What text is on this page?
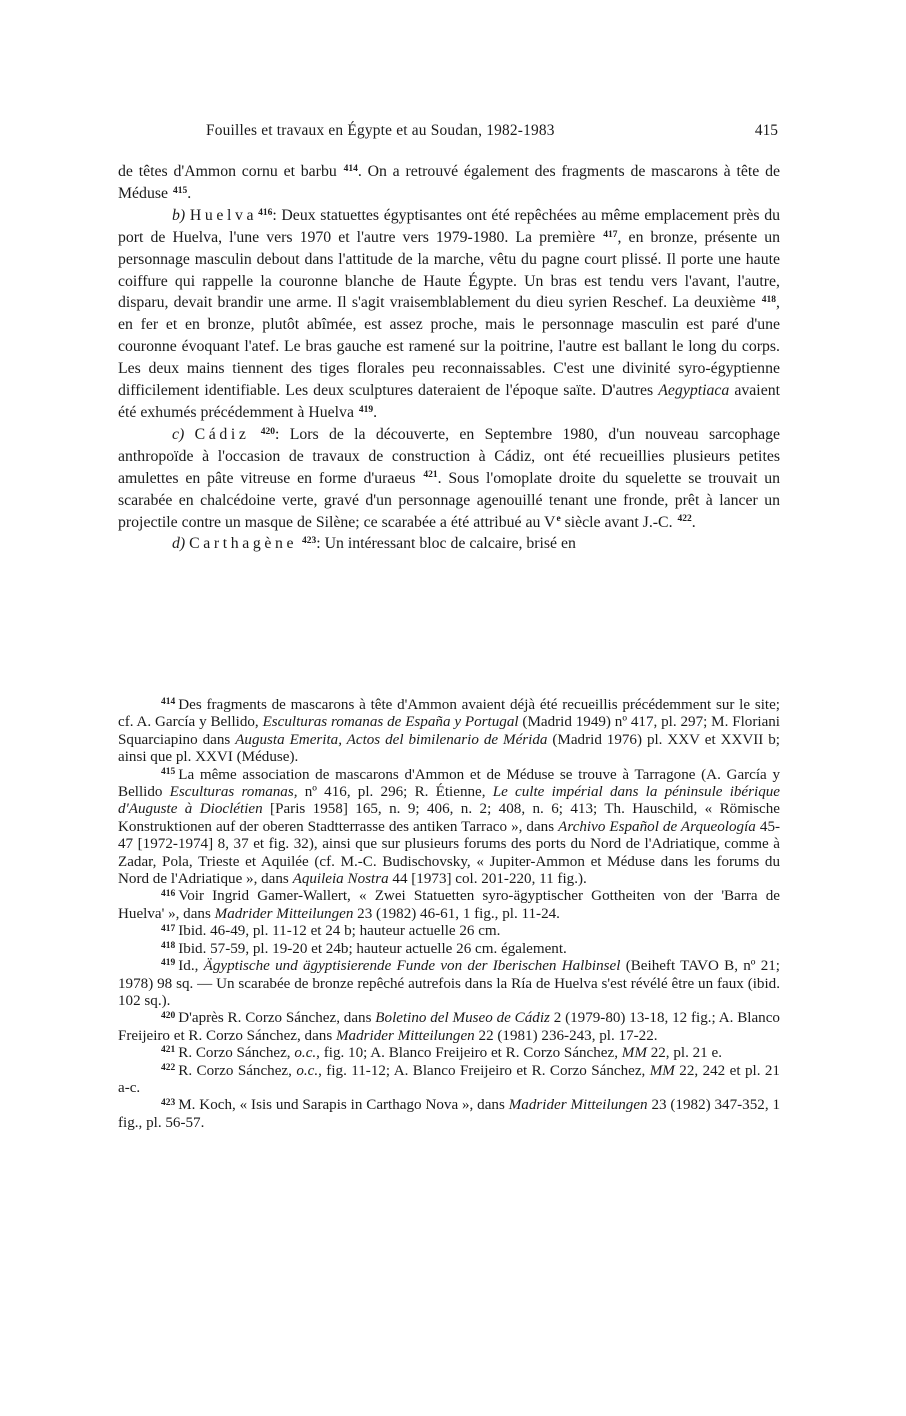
Fouilles et travaux en Égypte et au Soudan, 1982-1983	415

de têtes d'Ammon cornu et barbu $^{414}$. On a retrouvé également des fragments de mascarons à tête de Méduse $^{415}$.

b) Huelva$^{416}$: Deux statuettes égyptisantes ont été repêchées au même emplacement près du port de Huelva, l'une vers 1970 et l'autre vers 1979-1980. La première $^{417}$, en bronze, présente un personnage masculin debout dans l'attitude de la marche, vêtu du pagne court plissé. Il porte une haute coiffure qui rappelle la couronne blanche de Haute Égypte. Un bras est tendu vers l'avant, l'autre, disparu, devait brandir une arme. Il s'agit vraisemblablement du dieu syrien Reschef. La deuxième $^{418}$, en fer et en bronze, plutôt abîmée, est assez proche, mais le personnage masculin est paré d'une couronne évoquant l'atef. Le bras gauche est ramené sur la poitrine, l'autre est ballant le long du corps. Les deux mains tiennent des tiges florales peu reconnaissables. C'est une divinité syro-égyptienne difficilement identifiable. Les deux sculptures dateraient de l'époque saïte. D'autres Aegyptiaca avaient été exhumés précédemment à Huelva $^{419}$.

c) Cádiz $^{420}$: Lors de la découverte, en Septembre 1980, d'un nouveau sarcophage anthropoïde à l'occasion de travaux de construction à Cádiz, ont été recueillies plusieurs petites amulettes en pâte vitreuse en forme d'uraeus $^{421}$. Sous l'omoplate droite du squelette se trouvait un scarabée en chalcédoine verte, gravé d'un personnage agenouillé tenant une fronde, prêt à lancer un projectile contre un masque de Silène; ce scarabée a été attribué au Ve siècle avant J.-C. $^{422}$.

d) Carthagène $^{423}$: Un intéressant bloc de calcaire, brisé en

$^{414}$ Des fragments de mascarons à tête d'Ammon avaient déjà été recueillis précédemment sur le site; cf. A. García y Bellido, Esculturas romanas de España y Portugal (Madrid 1949) nº 417, pl. 297; M. Floriani Squarciapino dans Augusta Emerita, Actos del bimilenario de Mérida (Madrid 1976) pl. XXV et XXVII b; ainsi que pl. XXVI (Méduse).

$^{415}$ La même association de mascarons d'Ammon et de Méduse se trouve à Tarragone (A. García y Bellido Esculturas romanas, nº 416, pl. 296; R. Étienne, Le culte impérial dans la péninsule ibérique d'Auguste à Dioclétien [Paris 1958] 165, n. 9; 406, n. 2; 408, n. 6; 413; Th. Hauschild, « Römische Konstruktionen auf der oberen Stadtterrasse des antiken Tarraco », dans Archivo Español de Arqueología 45-47 [1972-1974] 8, 37 et fig. 32), ainsi que sur plusieurs forums des ports du Nord de l'Adriatique, comme à Zadar, Pola, Trieste et Aquilée (cf. M.-C. Budischovsky, « Jupiter-Ammon et Méduse dans les forums du Nord de l'Adriatique », dans Aquileia Nostra 44 [1973] col. 201-220, 11 fig.).

$^{416}$ Voir Ingrid Gamer-Wallert, « Zwei Statuetten syro-ägyptischer Gottheiten von der 'Barra de Huelva' », dans Madrider Mitteilungen 23 (1982) 46-61, 1 fig., pl. 11-24.

$^{417}$ Ibid. 46-49, pl. 11-12 et 24 b; hauteur actuelle 26 cm.

$^{418}$ Ibid. 57-59, pl. 19-20 et 24b; hauteur actuelle 26 cm. également.

$^{419}$ Id., Ägyptische und ägyptisierende Funde von der Iberischen Halbinsel (Beiheft TAVO B, nº 21; 1978) 98 sq. — Un scarabée de bronze repêché autrefois dans la Ría de Huelva s'est révélé être un faux (ibid. 102 sq.).

$^{420}$ D'après R. Corzo Sánchez, dans Boletino del Museo de Cádiz 2 (1979-80) 13-18, 12 fig.; A. Blanco Freijeiro et R. Corzo Sánchez, dans Madrider Mitteilungen 22 (1981) 236-243, pl. 17-22.

$^{421}$ R. Corzo Sánchez, o.c., fig. 10; A. Blanco Freijeiro et R. Corzo Sánchez, MM 22, pl. 21 e.

$^{422}$ R. Corzo Sánchez, o.c., fig. 11-12; A. Blanco Freijeiro et R. Corzo Sánchez, MM 22, 242 et pl. 21 a-c.

$^{423}$ M. Koch, « Isis und Sarapis in Carthago Nova », dans Madrider Mitteilungen 23 (1982) 347-352, 1 fig., pl. 56-57.
